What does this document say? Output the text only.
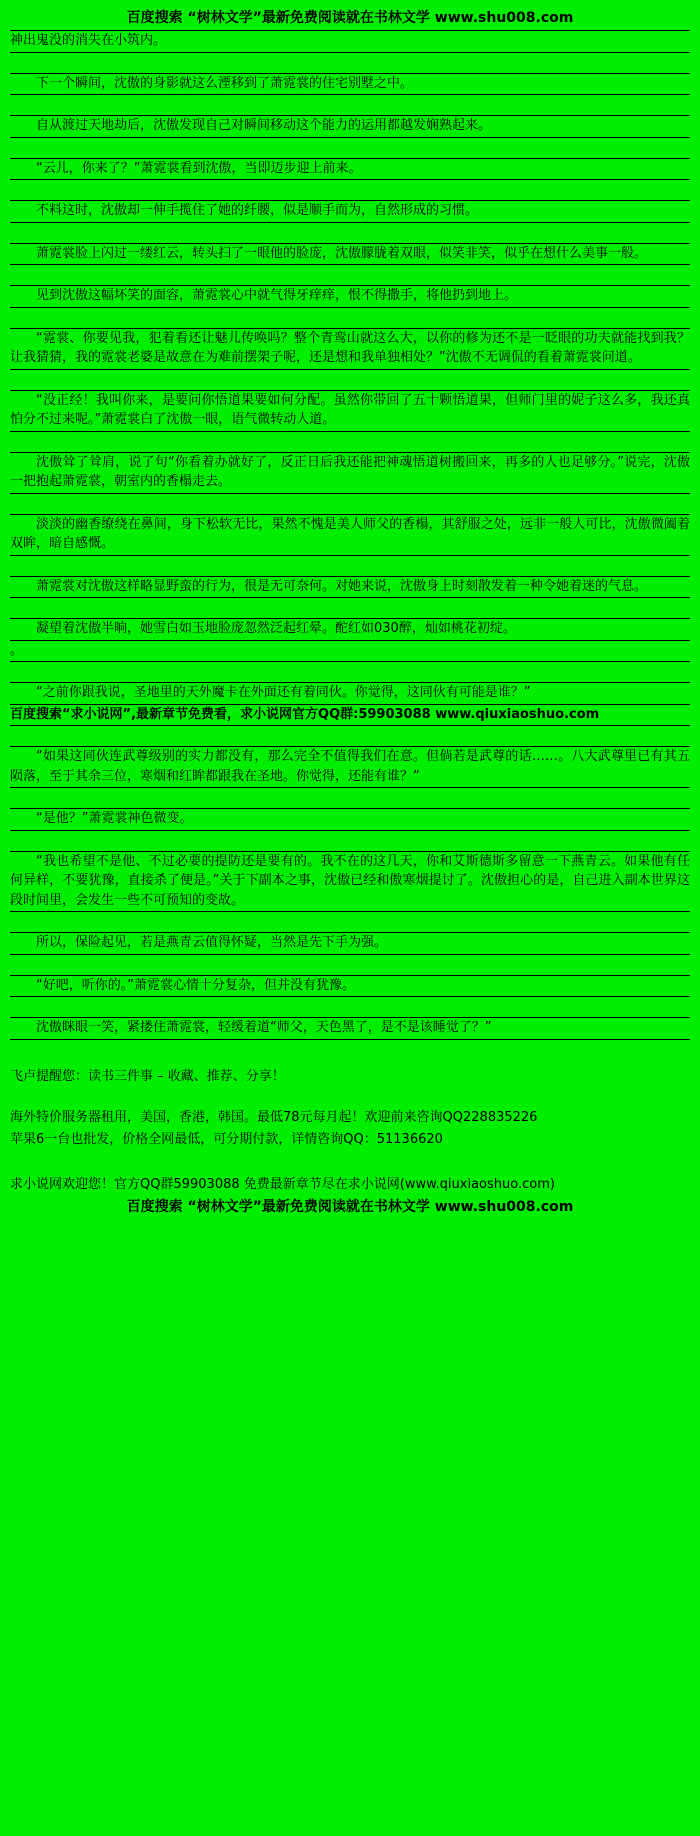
百度搜索 “树林文学”最新免费阅读就在书林文学 www.shu008.com

神出鬼没的消失在小筑内。

下一个瞬间，沈傲的身影就这么湮移到了萧霓裳的住宅别墅之中。

自从渡过天地劫后，沈傲发现自己对瞬间移动这个能力的运用都越发娴熟起来。

“云儿，你来了？”萧霓裳看到沈傲，当即迈步迎上前来。

不料这时，沈傲却一伸手揽住了她的纤腰，似是顺手而为，自然形成的习惯。

萧霓裳脸上闪过一缕红云，转头扫了一眼他的脸庞，沈傲朦胧着双眼，似笑非笑，似乎在想什么美事一般。

见到沈傲这幅坏笑的面容，萧霓裳心中就气得牙痒痒，恨不得撒手，将他扔到地上。

“霓裳、你要见我，犯着看还让魅儿传唤吗？整个青鸾山就这么大，以你的修为还不是一眨眼的功夫就能找到我？让我猜猜，我的霓裳老婆是故意在为难前摆架子呢，还是想和我单独相处？”沈傲不无调侃的看着萧霓裳问道。

“没正经！我叫你来，是要问你悟道果要如何分配。虽然你带回了五十颗悟道果，但师门里的妮子这么多，我还真怕分不过来呢。”萧霓裳白了沈傲一眼，语气微转动人道。

沈傲耸了耸肩，说了句“你看着办就好了，反正日后我还能把神魂悟道树搬回来，再多的人也足够分。”说完，沈傲一把抱起萧霓裳，朝室内的香榻走去。

淡淡的幽香缭绕在鼻间，身下松软无比，果然不愧是美人师父的香榻，其舒服之处，远非一般人可比，沈傲微阖着双眸，暗自感慨。

萧霓裳对沈傲这样略显野蛮的行为，很是无可奈何。对她来说，沈傲身上时刻散发着一种令她着迷的气息。

凝望着沈傲半晌，她雪白如玉地脸庞忽然泛起红晕。酡红如030醉，灿如桃花初绽。

。

“之前你跟我说，圣地里的天外魔卡在外面还有着同伙。你觉得，这同伙有可能是谁？”

百度搜索“求小说网”,最新章节免费看，求小说网官方QQ群:59903088 www.qiuxiaoshuo.com

“如果这同伙连武尊级别的实力都没有，那么完全不值得我们在意。但倘若是武尊的话……。八大武尊里已有其五陨落，至于其余三位，寒烟和红眸都跟我在圣地。你觉得，还能有谁？”

“是他？”萧霓裳神色微变。

“我也希望不是他、不过必要的提防还是要有的。我不在的这几天，你和艾斯德斯多留意一下燕青云。如果他有任何异样，不要犹豫，直接杀了便是。”关于下副本之事，沈傲已经和傲寒烟提讨了。沈傲担心的是，自己进入副本世界这段时间里，会发生一些不可预知的变故。

所以，保险起见，若是燕青云值得怀疑，当然是先下手为强。

“好吧，听你的。”萧霓裳心情十分复杂，但并没有犹豫。

沈傲眯眼一笑，紧搂住萧霓裳，轻缓着道“师父，天色黑了，是不是该睡觉了？”

飞卢提醒您：读书三件事 – 收藏、推荐、分享！
海外特价服务器租用，美国，香港，韩国。最低78元每月起！欢迎前来咨询QQ228835226
苹果6一台也批发，价格全网最低，可分期付款，详情咨询QQ：51136620
求小说网欢迎您！官方QQ群59903088 免费最新章节尽在求小说网(www.qiuxiaoshuo.com)
百度搜索 “树林文学”最新免费阅读就在书林文学 www.shu008.com
